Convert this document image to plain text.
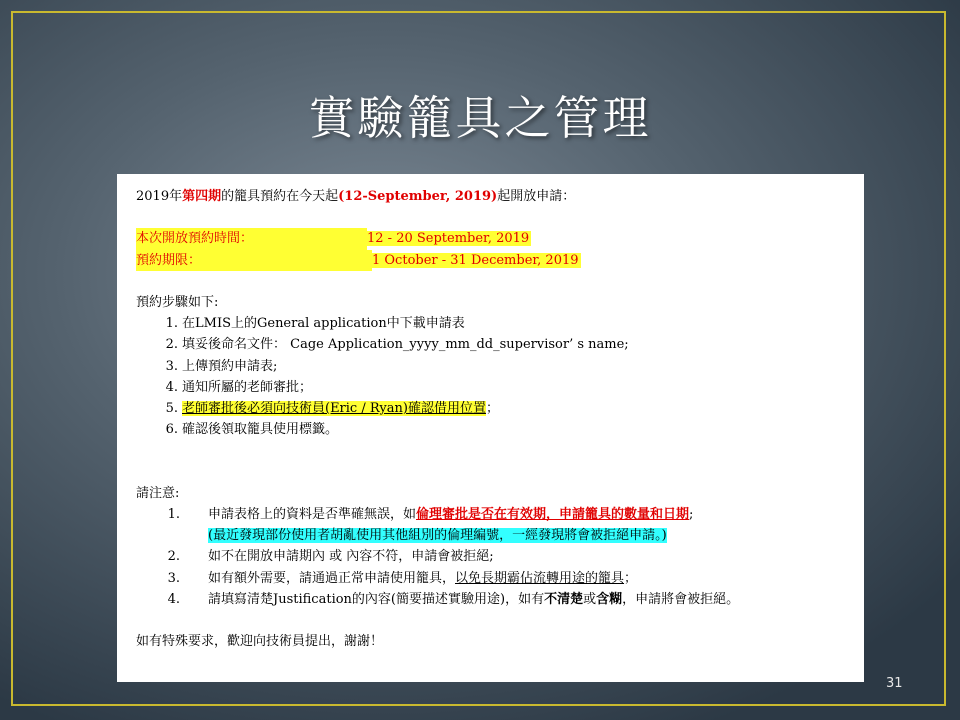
實驗籠具之管理
2019年第四期的籠具預約在今天起(12-September, 2019)起開放申請：
本次開放預約時間：	12 - 20 September, 2019
預約期限：	1 October - 31 December, 2019
預約步驟如下:
1. 在LMIS上的General application中下載申請表
2. 填妥後命名文件： Cage Application_yyyy_mm_dd_supervisor’ s name;
3. 上傳預約申請表;
4. 通知所屬的老師審批；
5. 老師審批後必須向技術員(Eric / Ryan)確認借用位置；
6. 確認後領取籠具使用標籤。
請注意:
1. 申請表格上的資料是否準確無誤，如倫理審批是否在有效期，申請籠具的數量和日期;
(最近發現部份使用者胡亂使用其他組別的倫理編號，一經發現將會被拒絕申請。)
2. 如不在開放申請期內 或 內容不符，申請會被拒絕;
3. 如有額外需要，請通過正常申請使用籠具，以免長期霸佔流轉用途的籠具；
4. 請填寫清楚Justification的內容(簡要描述實驗用途)，如有不清楚或含糊，申請將會被拒絕。
如有特殊要求，歡迎向技術員提出，謝謝！
31
